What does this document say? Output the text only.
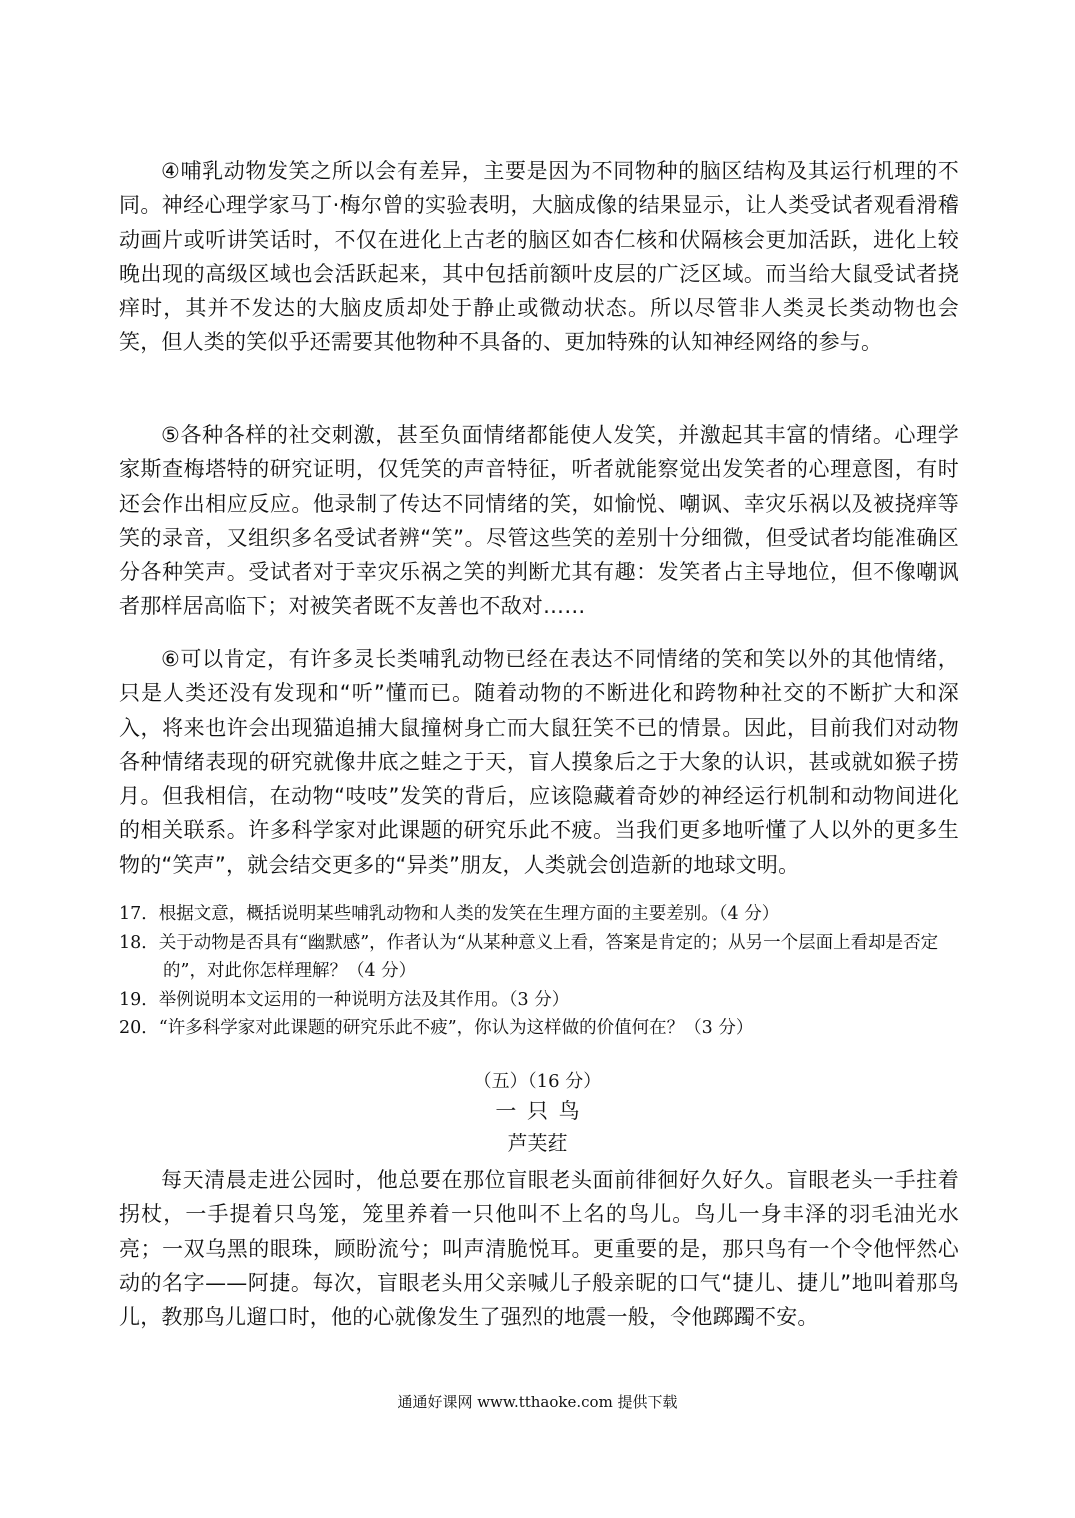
④哺乳动物发笑之所以会有差异，主要是因为不同物种的脑区结构及其运行机理的不同。神经心理学家马丁·梅尔曾的实验表明，大脑成像的结果显示，让人类受试者观看滑稽动画片或听讲笑话时，不仅在进化上古老的脑区如杏仁核和伏隔核会更加活跃，进化上较晚出现的高级区域也会活跃起来，其中包括前额叶皮层的广泛区域。而当给大鼠受试者挠痒时，其并不发达的大脑皮质却处于静止或微动状态。所以尽管非人类灵长类动物也会笑，但人类的笑似乎还需要其他物种不具备的、更加特殊的认知神经网络的参与。

⑤各种各样的社交刺激，甚至负面情绪都能使人发笑，并激起其丰富的情绪。心理学家斯查梅塔特的研究证明，仅凭笑的声音特征，听者就能察觉出发笑者的心理意图，有时还会作出相应反应。他录制了传达不同情绪的笑，如愉悦、嘲讽、幸灾乐祸以及被挠痒等笑的录音，又组织多名受试者辨“笑”。尽管这些笑的差别十分细微，但受试者均能准确区分各种笑声。受试者对于幸灾乐祸之笑的判断尤其有趣：发笑者占主导地位，但不像嘲讽者那样居高临下；对被笑者既不友善也不敌对……

⑥可以肯定，有许多灵长类哺乳动物已经在表达不同情绪的笑和笑以外的其他情绪，只是人类还没有发现和“听”懂而已。随着动物的不断进化和跨物种社交的不断扩大和深入，将来也许会出现猫追捕大鼠撞树身亡而大鼠狂笑不已的情景。因此，目前我们对动物各种情绪表现的研究就像井底之蛙之于天，盲人摸象后之于大象的认识，甚或就如猴子捞月。但我相信，在动物“吱吱”发笑的背后，应该隐藏着奇妙的神经运行机制和动物间进化的相关联系。许多科学家对此课题的研究乐此不疲。当我们更多地听懂了人以外的更多生物的“笑声”，就会结交更多的“异类”朋友，人类就会创造新的地球文明。

17．根据文意，概括说明某些哺乳动物和人类的发笑在生理方面的主要差别。（4 分）
18．关于动物是否具有“幽默感”，作者认为“从某种意义上看，答案是肯定的；从另一个层面上看却是否定的”，对此你怎样理解？（4 分）
19．举例说明本文运用的一种说明方法及其作用。（3 分）
20．“许多科学家对此课题的研究乐此不疲”，你认为这样做的价值何在？（3 分）
（五）（16 分）
一 只 鸟
芦芙荭

每天清晨走进公园时，他总要在那位盲眼老头面前徘徊好久好久。盲眼老头一手拄着拐杖，一手提着只鸟笼，笼里养着一只他叫不上名的鸟儿。鸟儿一身丰泽的羽毛油光水亮；一双乌黑的眼珠，顾盼流兮；叫声清脆悦耳。更重要的是，那只鸟有一个令他怦然心动的名字——阿捷。每次，盲眼老头用父亲喊儿子般亲昵的口气“捷儿、捷儿”地叫着那鸟儿，教那鸟儿遛口时，他的心就像发生了强烈的地震一般，令他踯躅不安。

通通好课网 www.tthaoke.com 提供下载
